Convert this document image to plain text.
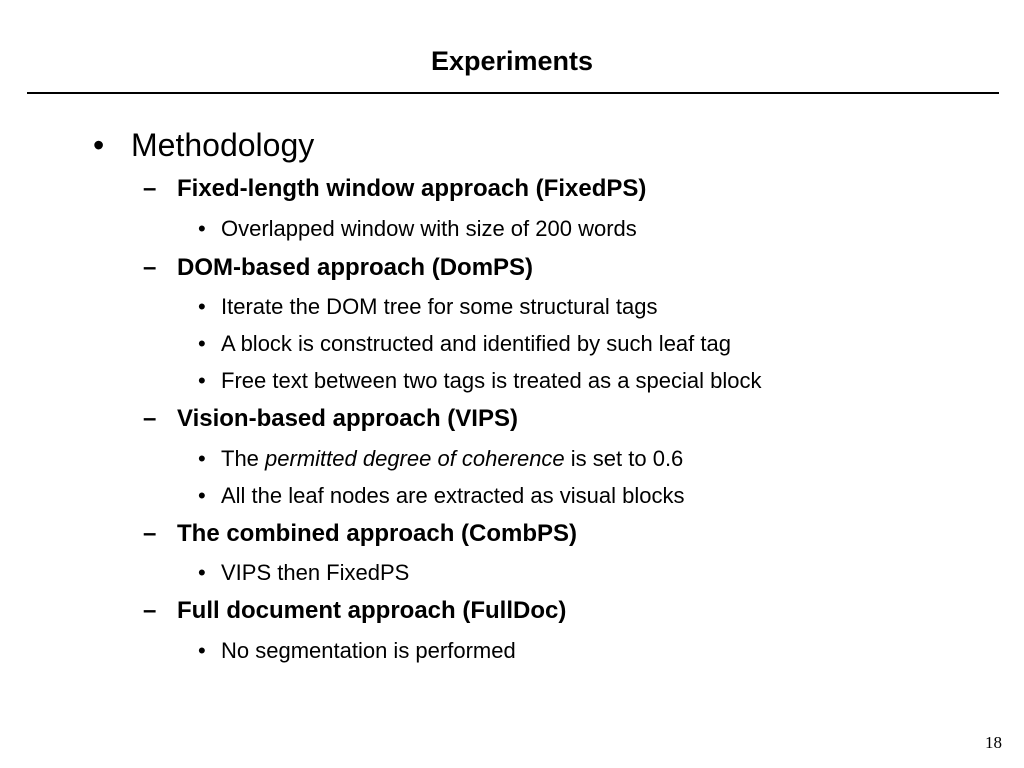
Experiments
• Methodology
– Fixed-length window approach (FixedPS)
• Overlapped window with size of 200 words
– DOM-based approach (DomPS)
• Iterate the DOM tree for some structural tags
• A block is constructed and identified by such leaf tag
• Free text between two tags is treated as a special block
– Vision-based approach (VIPS)
• The permitted degree of coherence is set to 0.6
• All the leaf nodes are extracted as visual blocks
– The combined approach (CombPS)
• VIPS then FixedPS
– Full document approach (FullDoc)
• No segmentation is performed
18
